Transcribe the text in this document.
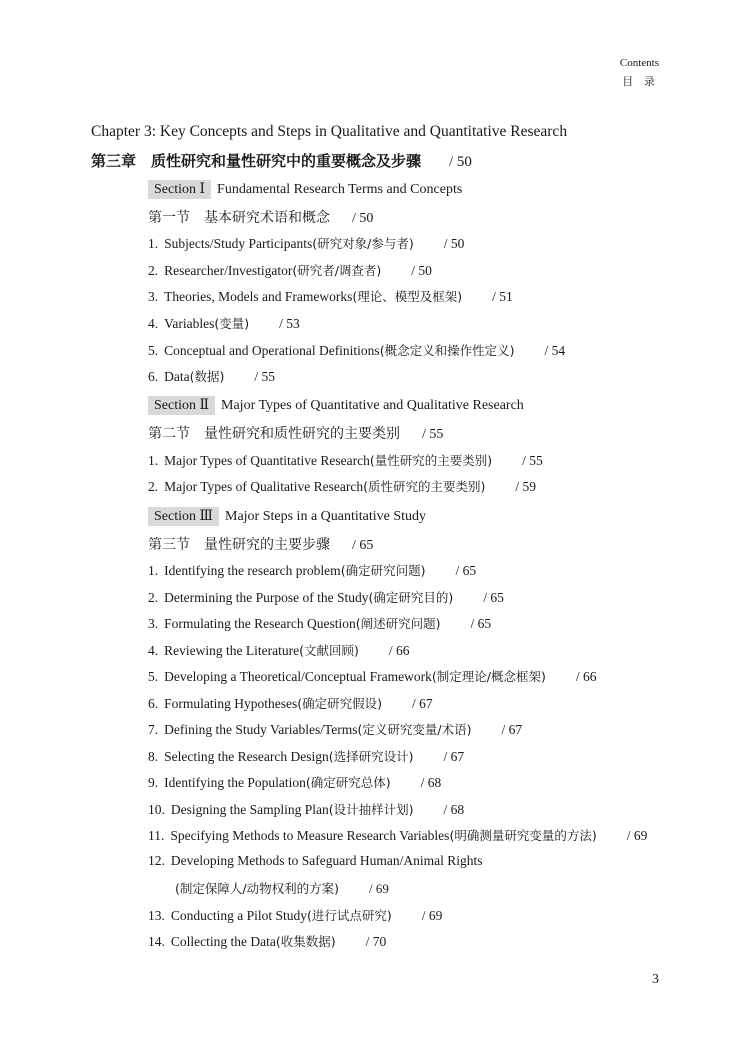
Contents
目 录
Chapter 3: Key Concepts and Steps in Qualitative and Quantitative Research
第三章　质性研究和量性研究中的重要概念及步骤 / 50
Section Ⅰ Fundamental Research Terms and Concepts
第一节　基本研究术语和概念 / 50
1. Subjects/Study Participants(研究对象/参与者) / 50
2. Researcher/Investigator(研究者/调查者) / 50
3. Theories, Models and Frameworks(理论、模型及框架) / 51
4. Variables(变量) / 53
5. Conceptual and Operational Definitions(概念定义和操作性定义) / 54
6. Data(数据) / 55
Section Ⅱ Major Types of Quantitative and Qualitative Research
第二节　量性研究和质性研究的主要类别 / 55
1. Major Types of Quantitative Research(量性研究的主要类别) / 55
2. Major Types of Qualitative Research(质性研究的主要类别) / 59
Section Ⅲ Major Steps in a Quantitative Study
第三节　量性研究的主要步骤 / 65
1. Identifying the research problem(确定研究问题) / 65
2. Determining the Purpose of the Study(确定研究目的) / 65
3. Formulating the Research Question(阐述研究问题) / 65
4. Reviewing the Literature(文献回顾) / 66
5. Developing a Theoretical/Conceptual Framework(制定理论/概念框架) / 66
6. Formulating Hypotheses(确定研究假设) / 67
7. Defining the Study Variables/Terms(定义研究变量/术语) / 67
8. Selecting the Research Design(选择研究设计) / 67
9. Identifying the Population(确定研究总体) / 68
10. Designing the Sampling Plan(设计抽样计划) / 68
11. Specifying Methods to Measure Research Variables(明确测量研究变量的方法) / 69
12. Developing Methods to Safeguard Human/Animal Rights
(制定保障人/动物权利的方案) / 69
13. Conducting a Pilot Study(进行试点研究) / 69
14. Collecting the Data(收集数据) / 70
3
